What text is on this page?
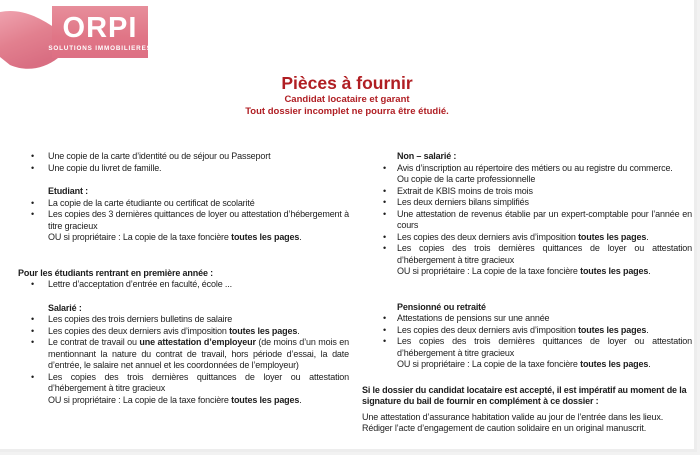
ORPI
SOLUTIONS IMMOBILIERES
Pièces à fournir
Candidat locataire et garant
Tout dossier incomplet ne pourra être étudié.
•	Une copie de la carte d’identité ou de séjour ou Passeport
•	Une copie du livret de famille.
Etudiant :
•	La copie de la carte étudiante ou certificat de scolarité
•	Les copies des 3 dernières quittances de loyer ou attestation d’hébergement à titre gracieux
OU si propriétaire : La copie de la taxe foncière toutes les pages.
Pour les étudiants rentrant en première année :
•	Lettre d’acceptation d’entrée en faculté, école ...
Salarié :
•	Les copies des trois derniers bulletins de salaire
•	Les copies des deux derniers avis d’imposition toutes les pages.
•	Le contrat de travail ou une attestation d’employeur (de moins d’un mois en mentionnant la nature du contrat de travail, hors période d’essai, la date d’entrée, le salaire net annuel et les coordonnées de l’employeur)
•	Les copies des trois dernières quittances de loyer ou attestation d’hébergement à titre gracieux
OU si propriétaire : La copie de la taxe foncière toutes les pages.
Non – salarié :
•	Avis d’inscription au répertoire des métiers ou au registre du commerce.
Ou copie de la carte professionnelle
•	Extrait de KBIS moins de trois mois
•	Les deux derniers bilans simplifiés
•	Une attestation de revenus établie par un expert-comptable pour l’année en cours
•	Les copies des deux derniers avis d’imposition toutes les pages.
•	Les copies des trois dernières quittances de loyer ou attestation d’hébergement à titre gracieux
OU si propriétaire : La copie de la taxe foncière toutes les pages.
Pensionné ou retraité
•	Attestations de pensions sur une année
•	Les copies des deux derniers avis d’imposition toutes les pages.
•	Les copies des trois dernières quittances de loyer ou attestation d’hébergement à titre gracieux
OU si propriétaire : La copie de la taxe foncière toutes les pages.
Si le dossier du candidat locataire est accepté, il est impératif au moment de la signature du bail de fournir en complément à ce dossier :
Une attestation d’assurance habitation valide au jour de l’entrée dans les lieux.
Rédiger l’acte d’engagement de caution solidaire en un original manuscrit.
